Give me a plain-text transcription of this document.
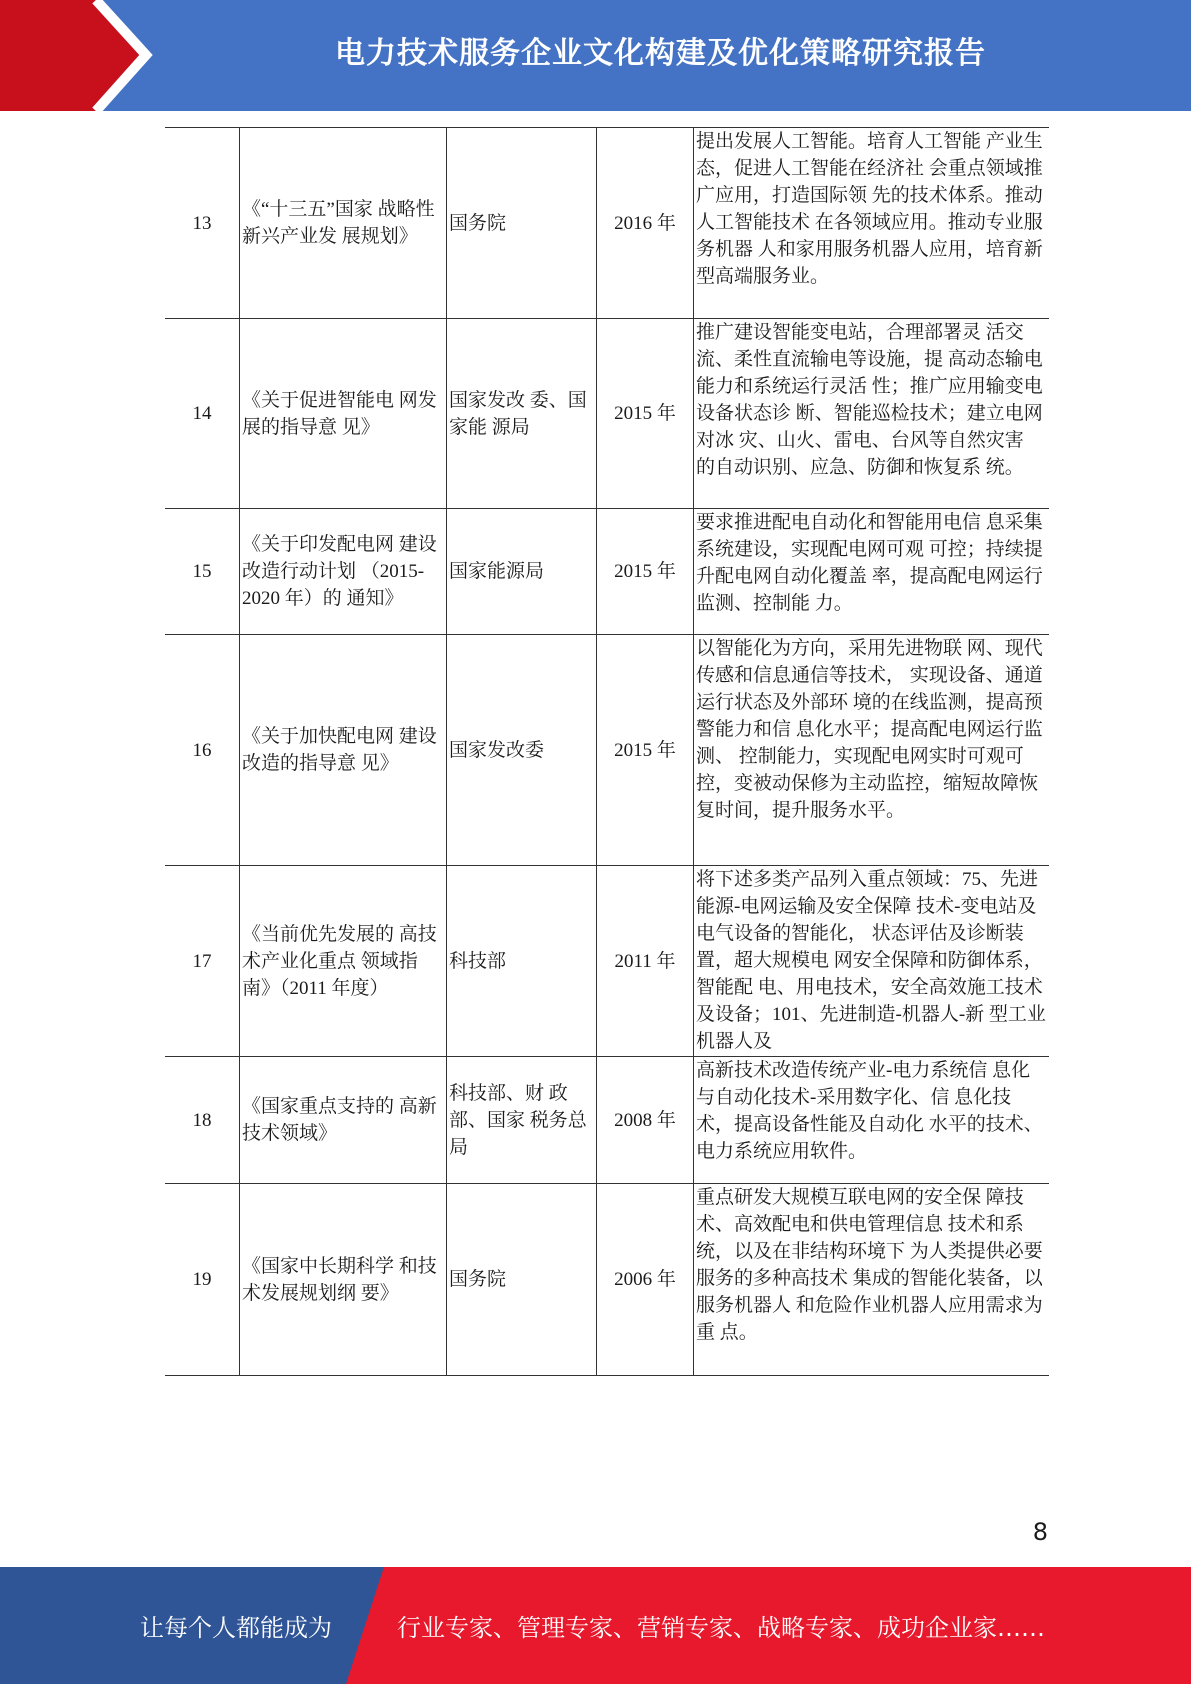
电力技术服务企业文化构建及优化策略研究报告
13	《“十三五”国家 战略性新兴产业发 展规划》	国务院	2016 年	提出发展人工智能。培育人工智能 产业生态，促进人工智能在经济社 会重点领域推广应用，打造国际领 先的技术体系。推动人工智能技术 在各领域应用。推动专业服务机器 人和家用服务机器人应用，培育新 型高端服务业。

14	《关于促进智能电 网发展的指导意 见》	国家发改 委、国家能 源局	2015 年	推广建设智能变电站，合理部署灵 活交流、柔性直流输电等设施，提 高动态输电能力和系统运行灵活 性；推广应用输变电设备状态诊 断、智能巡检技术；建立电网对冰 灾、山火、雷电、台风等自然灾害 的自动识别、应急、防御和恢复系 统。

15	《关于印发配电网 建设改造行动计划 （2015-2020 年）的 通知》	国家能源局	2015 年	要求推进配电自动化和智能用电信 息采集系统建设，实现配电网可观 可控；持续提升配电网自动化覆盖 率，提高配电网运行监测、控制能 力。

16	《关于加快配电网 建设改造的指导意 见》	国家发改委	2015 年	以智能化为方向，采用先进物联 网、现代传感和信息通信等技术， 实现设备、通道运行状态及外部环 境的在线监测，提高预警能力和信 息化水平；提高配电网运行监测、 控制能力，实现配电网实时可观可 控，变被动保修为主动监控，缩短故障恢复时间，提升服务水平。

17	《当前优先发展的 高技术产业化重点 领域指南》（2011 年度）	科技部	2011 年	将下述多类产品列入重点领域：75、先进能源-电网运输及安全保障 技术-变电站及电气设备的智能化， 状态评估及诊断装置，超大规模电 网安全保障和防御体系，智能配 电、用电技术，安全高效施工技术 及设备；101、先进制造-机器人-新 型工业机器人及

18	《国家重点支持的 高新技术领域》	科技部、财 政部、国家 税务总局	2008 年	高新技术改造传统产业-电力系统信 息化与自动化技术-采用数字化、信 息化技术，提高设备性能及自动化 水平的技术、电力系统应用软件。

19	《国家中长期科学 和技术发展规划纲 要》	国务院	2006 年	重点研发大规模互联电网的安全保 障技术、高效配电和供电管理信息 技术和系统，以及在非结构环境下 为人类提供必要服务的多种高技术 集成的智能化装备，以服务机器人 和危险作业机器人应用需求为重 点。
8
让每个人都能成为	行业专家、管理专家、营销专家、战略专家、成功企业家……
